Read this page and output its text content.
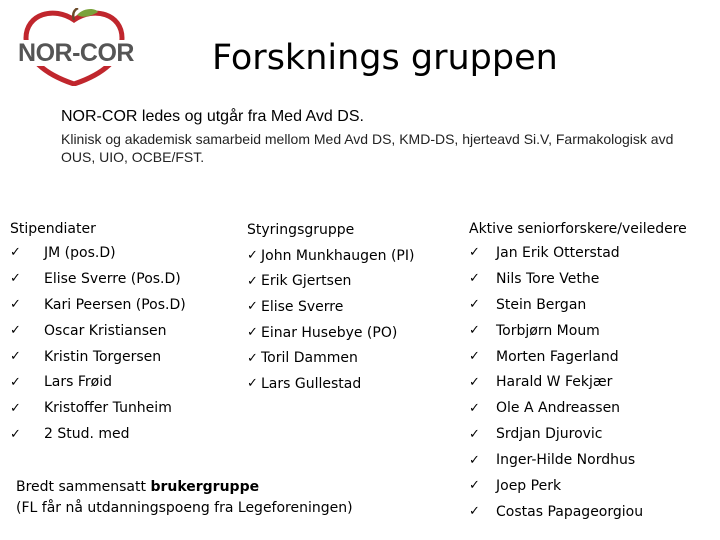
NOR-COR Forsknings gruppen
NOR-COR ledes og utgår fra Med Avd DS.
Klinisk og akademisk samarbeid mellom Med Avd DS, KMD-DS, hjerteavd Si.V, Farmakologisk avd OUS, UIO, OCBE/FST.
Stipendiater
✓	JM (pos.D)
✓	Elise Sverre (Pos.D)
✓	Kari Peersen (Pos.D)
✓	Oscar Kristiansen
✓	Kristin Torgersen
✓	Lars Frøid
✓	Kristoffer Tunheim
✓	2 Stud. med
Styringsgruppe
✓ John Munkhaugen (PI)
✓ Erik Gjertsen
✓ Elise Sverre
✓ Einar Husebye (PO)
✓ Toril Dammen
✓ Lars Gullestad
Aktive seniorforskere/veiledere
✓	Jan Erik Otterstad
✓	Nils Tore Vethe
✓	Stein Bergan
✓	Torbjørn Moum
✓	Morten Fagerland
✓	Harald W Fekjær
✓	Ole A Andreassen
✓	Srdjan Djurovic
✓	Inger-Hilde Nordhus
✓	Joep Perk
✓	Costas Papageorgiou
Bredt sammensatt brukergruppe
(FL får nå utdanningspoeng fra Legeforeningen)
